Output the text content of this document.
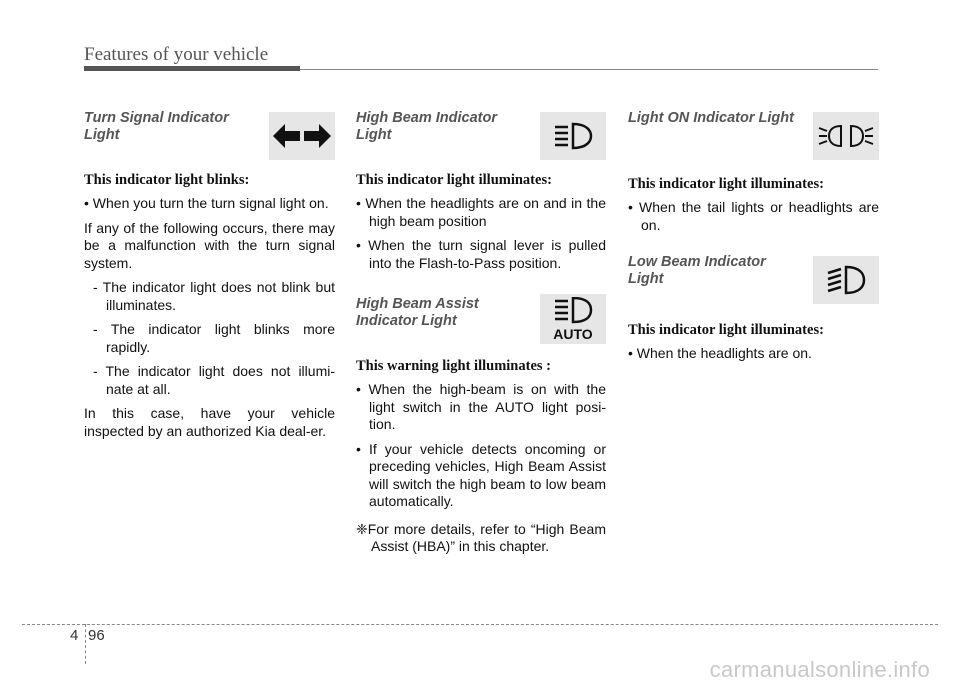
Features of your vehicle
Turn Signal Indicator Light
This indicator light blinks:
• When you turn the turn signal light on.

If any of the following occurs, there may be a malfunction with the turn signal system.

- The indicator light does not blink but illuminates.
- The indicator light blinks more rapidly.
- The indicator light does not illumi-nate at all.

In this case, have your vehicle inspected by an authorized Kia deal-er.

High Beam Indicator Light
This indicator light illuminates:
• When the headlights are on and in the high beam position
• When the turn signal lever is pulled into the Flash-to-Pass position.
High Beam Assist Indicator Light
AUTO
This warning light illuminates :
• When the high-beam is on with the light switch in the AUTO light posi-tion.
• If your vehicle detects oncoming or preceding vehicles, High Beam Assist will switch the high beam to low beam automatically.
❈For more details, refer to “High Beam Assist (HBA)” in this chapter.
Light ON Indicator Light
This indicator light illuminates:
• When the tail lights or headlights are on.
Low Beam Indicator Light
This indicator light illuminates:
• When the headlights are on.
4 96
carmanualsonline.info
